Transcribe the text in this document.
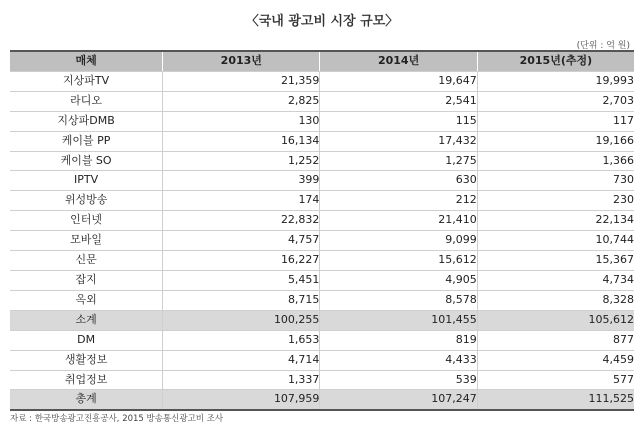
〈국내 광고비 시장 규모〉
(단위 : 억 원)
매체	2013년	2014년	2015년(추정)
지상파TV	21,359	19,647	19,993
라디오	2,825	2,541	2,703
지상파DMB	130	115	117
케이블 PP	16,134	17,432	19,166
케이블 SO	1,252	1,275	1,366
IPTV	399	630	730
위성방송	174	212	230
인터넷	22,832	21,410	22,134
모바일	4,757	9,099	10,744
신문	16,227	15,612	15,367
잡지	5,451	4,905	4,734
옥외	8,715	8,578	8,328
소계	100,255	101,455	105,612
DM	1,653	819	877
생활정보	4,714	4,433	4,459
취업정보	1,337	539	577
총계	107,959	107,247	111,525
자료 : 한국방송광고진흥공사, 2015 방송통신광고비 조사
